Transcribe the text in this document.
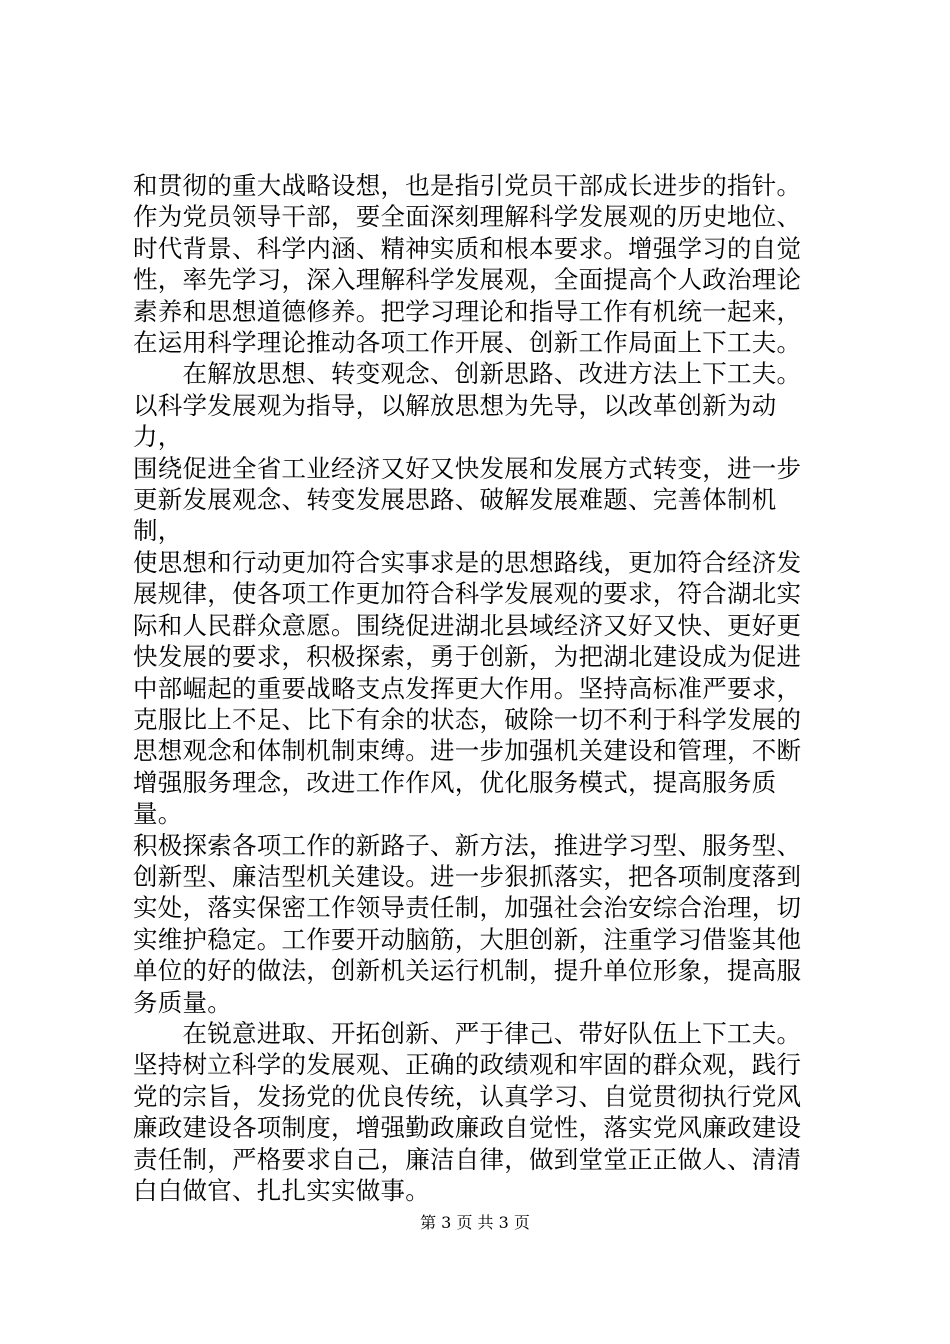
和贯彻的重大战略设想，也是指引党员干部成长进步的指针。
作为党员领导干部，要全面深刻理解科学发展观的历史地位、
时代背景、科学内涵、精神实质和根本要求。增强学习的自觉
性，率先学习，深入理解科学发展观，全面提高个人政治理论
素养和思想道德修养。把学习理论和指导工作有机统一起来，
在运用科学理论推动各项工作开展、创新工作局面上下工夫。

　　在解放思想、转变观念、创新思路、改进方法上下工夫。
以科学发展观为指导，以解放思想为先导，以改革创新为动力，
围绕促进全省工业经济又好又快发展和发展方式转变，进一步
更新发展观念、转变发展思路、破解发展难题、完善体制机制，
使思想和行动更加符合实事求是的思想路线，更加符合经济发
展规律，使各项工作更加符合科学发展观的要求，符合湖北实
际和人民群众意愿。围绕促进湖北县域经济又好又快、更好更
快发展的要求，积极探索，勇于创新，为把湖北建设成为促进
中部崛起的重要战略支点发挥更大作用。坚持高标准严要求，
克服比上不足、比下有余的状态，破除一切不利于科学发展的
思想观念和体制机制束缚。进一步加强机关建设和管理，不断
增强服务理念，改进工作作风，优化服务模式，提高服务质量。
积极探索各项工作的新路子、新方法，推进学习型、服务型、
创新型、廉洁型机关建设。进一步狠抓落实，把各项制度落到
实处，落实保密工作领导责任制，加强社会治安综合治理，切
实维护稳定。工作要开动脑筋，大胆创新，注重学习借鉴其他
单位的好的做法，创新机关运行机制，提升单位形象，提高服
务质量。

　　在锐意进取、开拓创新、严于律己、带好队伍上下工夫。
坚持树立科学的发展观、正确的政绩观和牢固的群众观，践行
党的宗旨，发扬党的优良传统，认真学习、自觉贯彻执行党风
廉政建设各项制度，增强勤政廉政自觉性，落实党风廉政建设
责任制，严格要求自己，廉洁自律，做到堂堂正正做人、清清
白白做官、扎扎实实做事。

第 3 页 共 3 页
